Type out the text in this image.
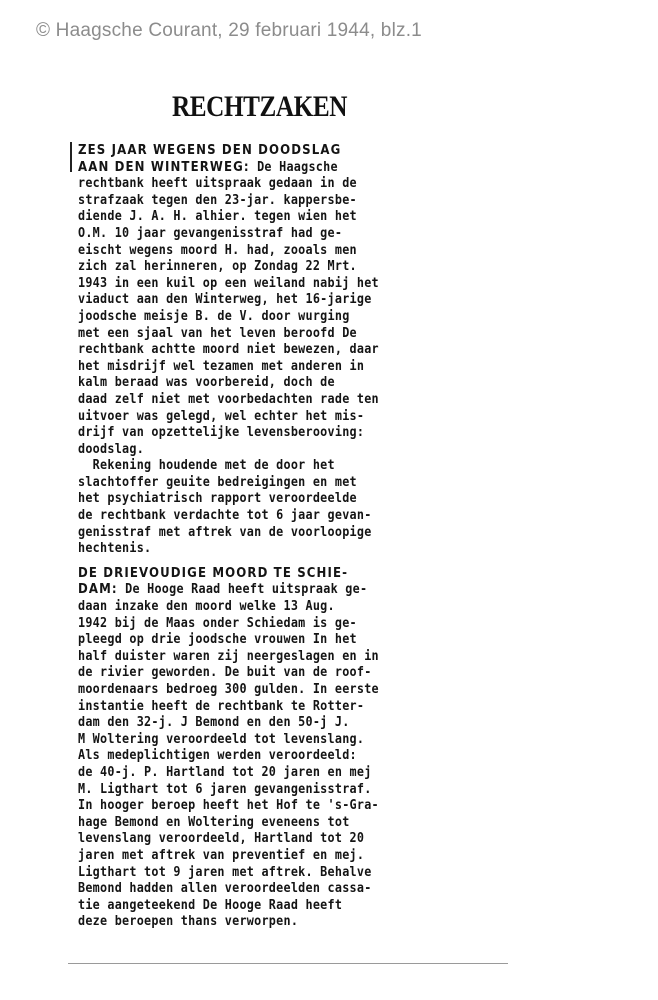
© Haagsche Courant, 29 februari 1944, blz.1
RECHTZAKEN

ZES JAAR WEGENS DEN DOODSLAG
AAN DEN WINTERWEG: De Haagsche
rechtbank heeft uitspraak gedaan in de
strafzaak tegen den 23-jar. kappersbe-
diende J. A. H. alhier. tegen wien het
O.M. 10 jaar gevangenisstraf had ge-
eischt wegens moord H. had, zooals men
zich zal herinneren, op Zondag 22 Mrt.
1943 in een kuil op een weiland nabij het
viaduct aan den Winterweg, het 16-jarige
joodsche meisje B. de V. door wurging
met een sjaal van het leven beroofd De
rechtbank achtte moord niet bewezen, daar
het misdrijf wel tezamen met anderen in
kalm beraad was voorbereid, doch de
daad zelf niet met voorbedachten rade ten
uitvoer was gelegd, wel echter het mis-
drijf van opzettelijke levensberooving:
doodslag.

Rekening houdende met de door het
slachtoffer geuite bedreigingen en met
het psychiatrisch rapport veroordeelde
de rechtbank verdachte tot 6 jaar gevan-
genisstraf met aftrek van de voorloopige
hechtenis.

DE DRIEVOUDIGE MOORD TE SCHIE-
DAM: De Hooge Raad heeft uitspraak ge-
daan inzake den moord welke 13 Aug.
1942 bij de Maas onder Schiedam is ge-
pleegd op drie joodsche vrouwen In het
half duister waren zij neergeslagen en in
de rivier geworden. De buit van de roof-
moordenaars bedroeg 300 gulden. In eerste
instantie heeft de rechtbank te Rotter-
dam den 32-j. J Bemond en den 50-j J.
M Woltering veroordeeld tot levenslang.
Als medeplichtigen werden veroordeeld:
de 40-j. P. Hartland tot 20 jaren en mej
M. Ligthart tot 6 jaren gevangenisstraf.
In hooger beroep heeft het Hof te 's-Gra-
hage Bemond en Woltering eveneens tot
levenslang veroordeeld, Hartland tot 20
jaren met aftrek van preventief en mej.
Ligthart tot 9 jaren met aftrek. Behalve
Bemond hadden allen veroordeelden cassa-
tie aangeteekend De Hooge Raad heeft
deze beroepen thans verworpen.
